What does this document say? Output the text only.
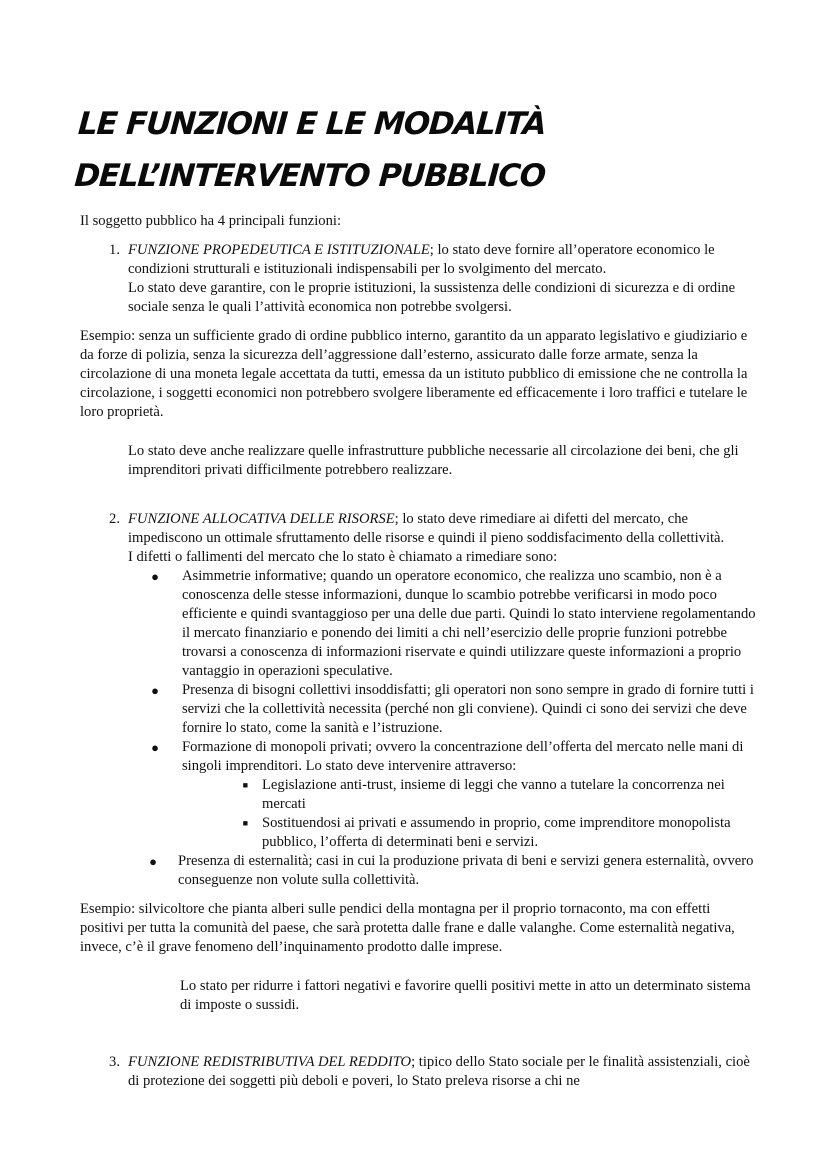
LE FUNZIONI E LE MODALITÀ DELL’INTERVENTO PUBBLICO

Il soggetto pubblico ha 4 principali funzioni:

1. FUNZIONE PROPEDEUTICA E ISTITUZIONALE; lo stato deve fornire all’operatore economico le condizioni strutturali e istituzionali indispensabili per lo svolgimento del mercato.

Lo stato deve garantire, con le proprie istituzioni, la sussistenza delle condizioni di sicurezza e di ordine sociale senza le quali l’attività economica non potrebbe svolgersi.

Esempio: senza un sufficiente grado di ordine pubblico interno, garantito da un apparato legislativo e giudiziario e da forze di polizia, senza la sicurezza dell’aggressione dall’esterno, assicurato dalle forze armate, senza la circolazione di una moneta legale accettata da tutti, emessa da un istituto pubblico di emissione che ne controlla la circolazione, i soggetti economici non potrebbero svolgere liberamente ed efficacemente i loro traffici e tutelare le loro proprietà.

Lo stato deve anche realizzare quelle infrastrutture pubbliche necessarie all circolazione dei beni, che gli imprenditori privati difficilmente potrebbero realizzare.

2. FUNZIONE ALLOCATIVA DELLE RISORSE; lo stato deve rimediare ai difetti del mercato, che impediscono un ottimale sfruttamento delle risorse e quindi il pieno soddisfacimento della collettività.

I difetti o fallimenti del mercato che lo stato è chiamato a rimediare sono:

●	Asimmetrie informative; quando un operatore economico, che realizza uno scambio, non è a conoscenza delle stesse informazioni, dunque lo scambio potrebbe verificarsi in modo poco efficiente e quindi svantaggioso per una delle due parti. Quindi lo stato interviene regolamentando il mercato finanziario e ponendo dei limiti a chi nell’esercizio delle proprie funzioni potrebbe trovarsi a conoscenza di informazioni riservate e quindi utilizzare queste informazioni a proprio vantaggio in operazioni speculative.
●	Presenza di bisogni collettivi insoddisfatti; gli operatori non sono sempre in grado di fornire tutti i servizi che la collettività necessita (perché non gli conviene). Quindi ci sono dei servizi che deve fornire lo stato, come la sanità e l’istruzione.
●	Formazione di monopoli privati; ovvero la concentrazione dell’offerta del mercato nelle mani di singoli imprenditori. Lo stato deve intervenire attraverso:
■ Legislazione anti-trust, insieme di leggi che vanno a tutelare la concorrenza nei mercati
■ Sostituendosi ai privati e assumendo in proprio, come imprenditore monopolista pubblico, l’offerta di determinati beni e servizi.
●	Presenza di esternalità; casi in cui la produzione privata di beni e servizi genera esternalità, ovvero conseguenze non volute sulla collettività.

Esempio: silvicoltore che pianta alberi sulle pendici della montagna per il proprio tornaconto, ma con effetti positivi per tutta la comunità del paese, che sarà protetta dalle frane e dalle valanghe. Come esternalità negativa, invece, c’è il grave fenomeno dell’inquinamento prodotto dalle imprese.

Lo stato per ridurre i fattori negativi e favorire quelli positivi mette in atto un determinato sistema di imposte o sussidi.

3. FUNZIONE REDISTRIBUTIVA DEL REDDITO; tipico dello Stato sociale per le finalità assistenziali, cioè di protezione dei soggetti più deboli e poveri, lo Stato preleva risorse a chi ne
